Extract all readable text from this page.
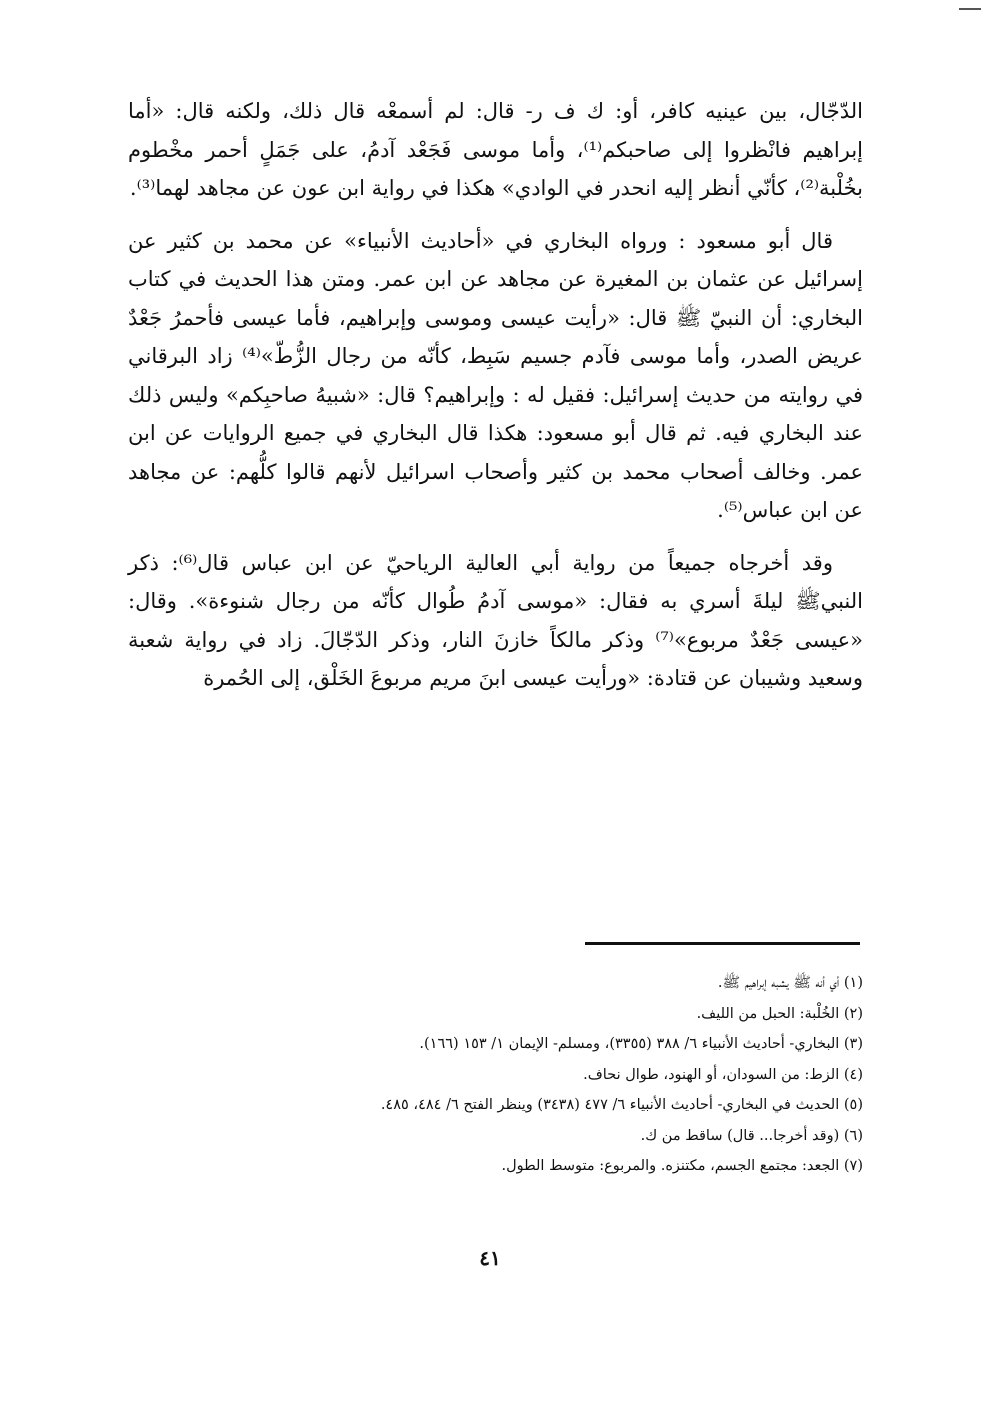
الدّجّال، بين عينيه كافر، أو: ك ف ر- قال: لم أسمعْه قال ذلك، ولكنه قال: «أما إبراهيم فانْظروا إلى صاحبكم⁽¹⁾، وأما موسى فَجَعْد آدمُ، على جَمَلٍ أحمر مخْطوم بخُلْبة⁽²⁾، كأنّي أنظر إليه انحدر في الوادي» هكذا في رواية ابن عون عن مجاهد لهما⁽³⁾.

قال أبو مسعود : ورواه البخاري في «أحاديث الأنبياء» عن محمد بن كثير عن إسرائيل عن عثمان بن المغيرة عن مجاهد عن ابن عمر. ومتن هذا الحديث في كتاب البخاري: أن النبيّ ﷺ قال: «رأيت عيسى وموسى وإبراهيم، فأما عيسى فأحمرُ جَعْدٌ عريض الصدر، وأما موسى فآدم جسيم سَبِط، كأنّه من رجال الزُّطّ»⁽⁴⁾ زاد البرقاني في روايته من حديث إسرائيل: فقيل له : وإبراهيم؟ قال: «شبيهُ صاحبِكم» وليس ذلك عند البخاري فيه. ثم قال أبو مسعود: هكذا قال البخاري في جميع الروايات عن ابن عمر. وخالف أصحاب محمد بن كثير وأصحاب اسرائيل لأنهم قالوا كلُّهم: عن مجاهد عن ابن عباس⁽⁵⁾.

وقد أخرجاه جميعاً من رواية أبي العالية الرياحيّ عن ابن عباس قال⁽⁶⁾: ذكر النبيﷺ ليلةَ أسري به فقال: «موسى آدمُ طُوال كأنّه من رجال شنوءة». وقال: «عيسى جَعْدٌ مربوع»⁽⁷⁾ وذكر مالكاً خازنَ النار، وذكر الدّجّالَ. زاد في رواية شعبة وسعيد وشيبان عن قتادة: «ورأيت عيسى ابنَ مريم مربوعَ الخَلْق، إلى الحُمرة

(١) أي أنه ﷺ يشبه إبراهيم ﷺ.

(٢) الخُلْبة: الحبل من الليف.

(٣) البخاري- أحاديث الأنبياء ٦/ ٣٨٨ (٣٣٥٥)، ومسلم- الإيمان ١/ ١٥٣ (١٦٦).

(٤) الزط: من السودان، أو الهنود، طوال نحاف.

(٥) الحديث في البخاري- أحاديث الأنبياء ٦/ ٤٧٧ (٣٤٣٨) وينظر الفتح ٦/ ٤٨٤، ٤٨٥.

(٦) (وقد أخرجا... قال) ساقط من ك.

(٧) الجعد: مجتمع الجسم، مكتنزه. والمربوع: متوسط الطول.

٤١
